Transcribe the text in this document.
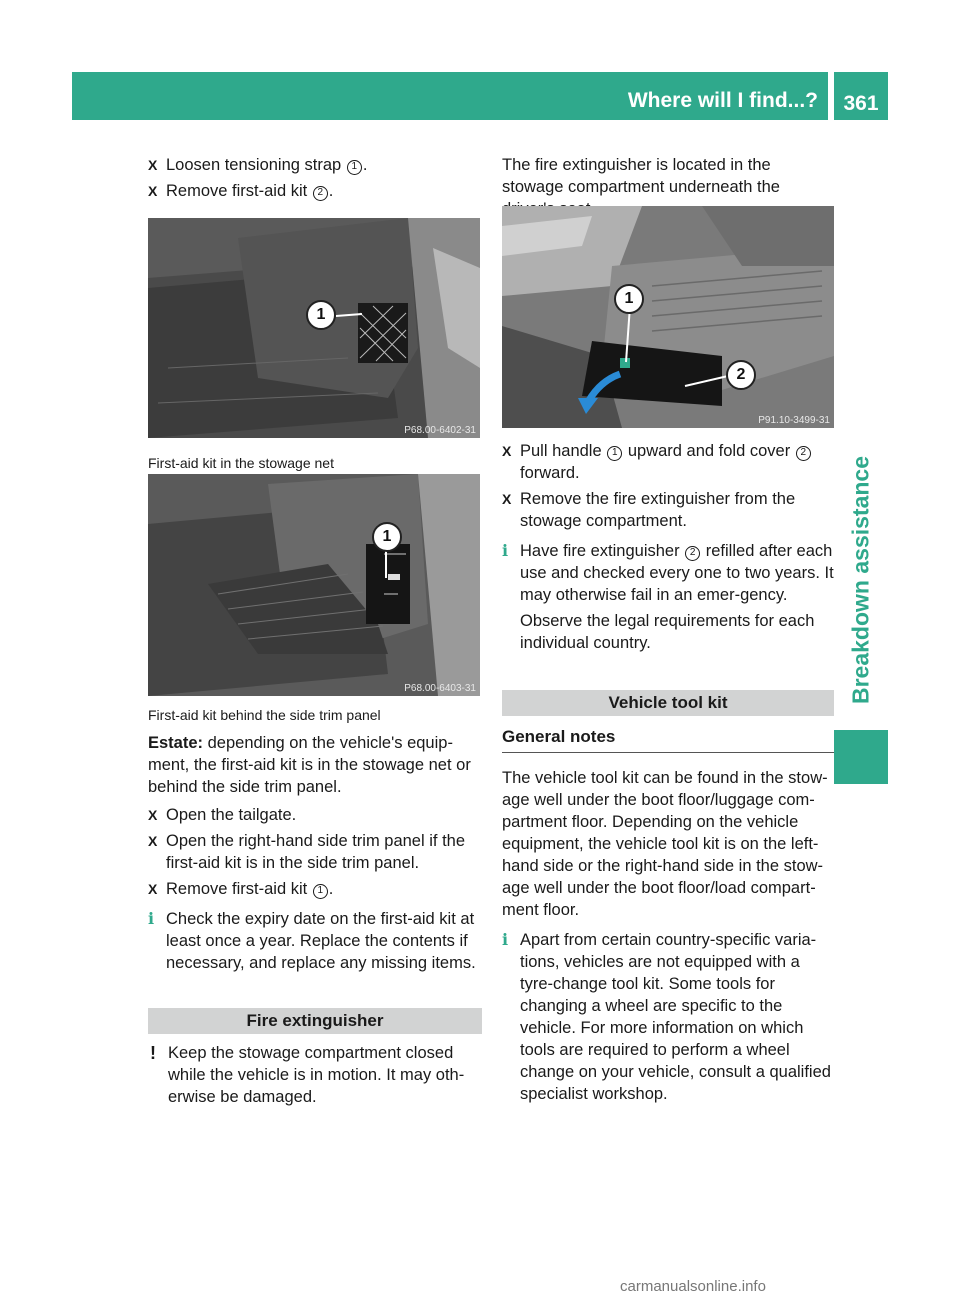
Where will I find...?	361
Breakdown assistance
X Loosen tensioning strap 1 .
X Remove first-aid kit 2 .
1
P68.00-6402-31
First-aid kit in the stowage net
1
P68.00-6403-31
First-aid kit behind the side trim panel

Estate: depending on the vehicle's equip-ment, the first-aid kit is in the stowage net or behind the side trim panel.

X Open the tailgate.
X Open the right-hand side trim panel if the first-aid kit is in the side trim panel.
X Remove first-aid kit 1 .
i Check the expiry date on the first-aid kit at least once a year. Replace the contents if necessary, and replace any missing items.
Fire extinguisher
! Keep the stowage compartment closed while the vehicle is in motion. It may oth-erwise be damaged.

The fire extinguisher is located in the stowage compartment underneath the

1
2
P91.10-3499-31
X Pull handle 1 upward and fold cover 2 forward.
X Remove the fire extinguisher from the stowage compartment.
i Have fire extinguisher 2 refilled after each use and checked every one to two years. It may otherwise fail in an emer-gency.

Observe the legal requirements for each individual country.

Vehicle tool kit
General notes

The vehicle tool kit can be found in the stow-age well under the boot floor/luggage com-partment floor. Depending on the vehicle equipment, the vehicle tool kit is on the left-hand side or the right-hand side in the stow-age well under the boot floor/load compart-ment floor.

i Apart from certain country-specific varia-tions, vehicles are not equipped with a tyre-change tool kit. Some tools for changing a wheel are specific to the vehicle. For more information on which tools are required to perform a wheel change on your vehicle, consult a qualified specialist workshop.
carmanualsonline.info
